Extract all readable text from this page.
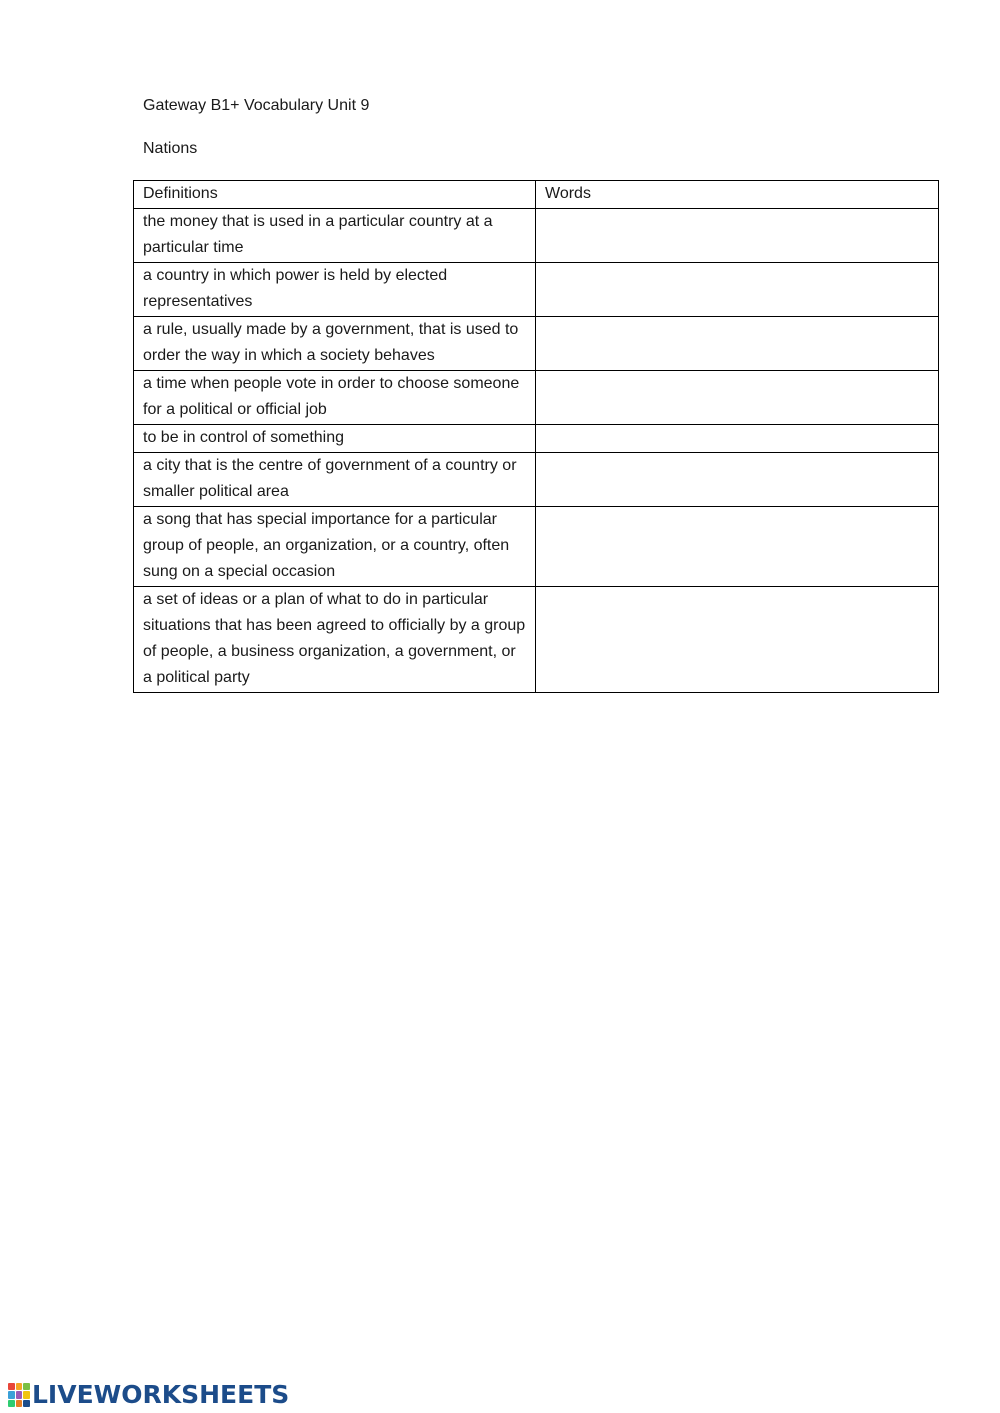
Gateway B1+ Vocabulary Unit 9
Nations
Definitions	Words
the money that is used in a particular country at a particular time	

a country in which power is held by elected representatives	

a rule, usually made by a government, that is used to order the way in which a society behaves	

a time when people vote in order to choose someone for a political or official job	

to be in control of something	

a city that is the centre of government of a country or smaller political area	

a song that has special importance for a particular group of people, an organization, or a country, often sung on a special occasion	

a set of ideas or a plan of what to do in particular situations that has been agreed to officially by a group of people, a business organization, a government, or a political party	
LIVEWORKSHEETS
